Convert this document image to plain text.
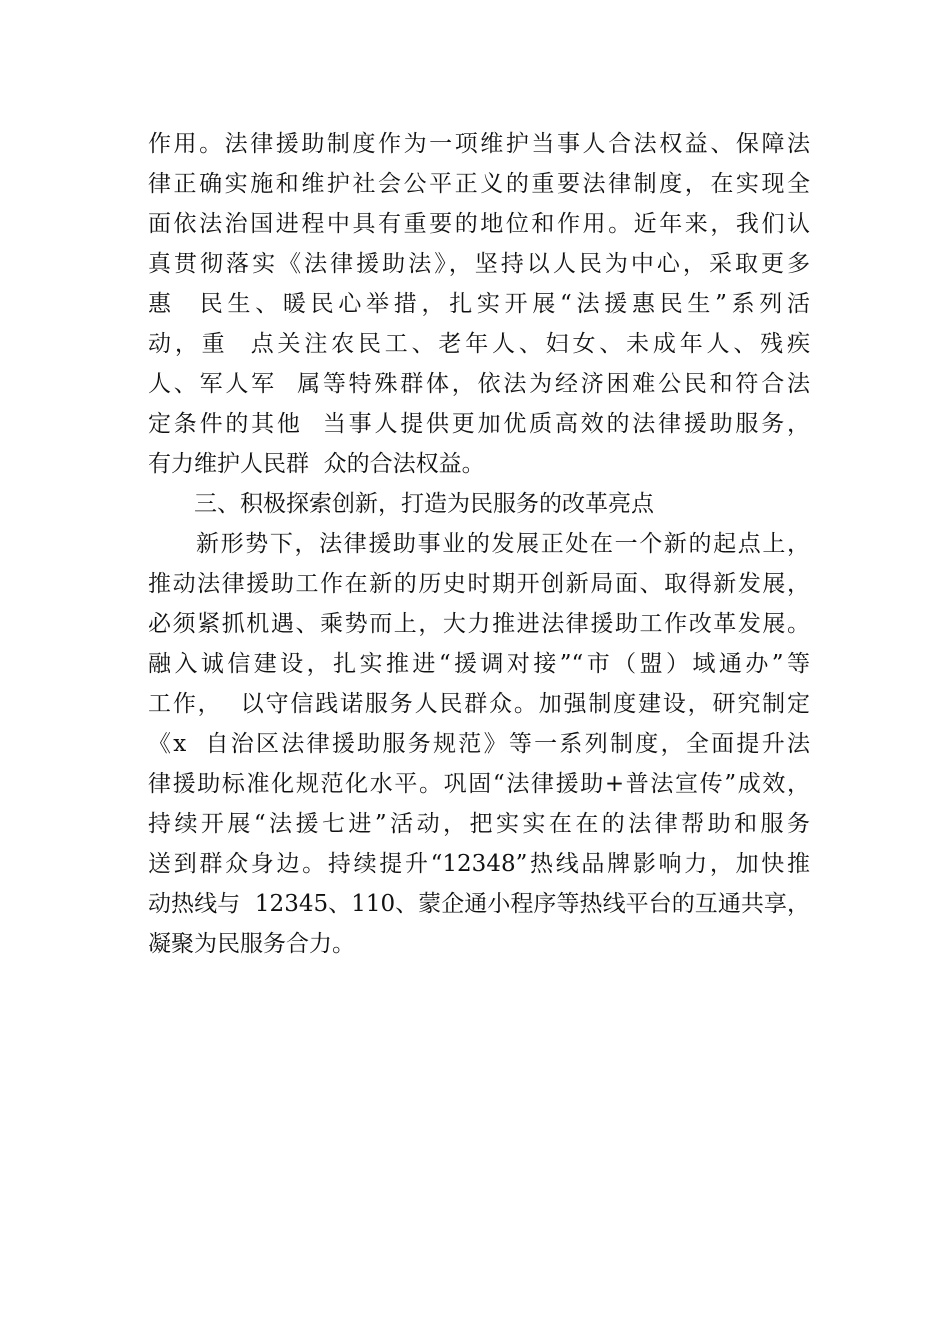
作用。法律援助制度作为一项维护当事人合法权益、保障法
律正确实施和维护社会公平正义的重要法律制度，在实现全
面依法治国进程中具有重要的地位和作用。近年来，我们认
真贯彻落实《法律援助法》，坚持以人民为中心，采取更多
惠  民生、暖民心举措，扎实开展“法援惠民生”系列活
动，重  点关注农民工、老年人、妇女、未成年人、残疾
人、军人军  属等特殊群体，依法为经济困难公民和符合法
定条件的其他  当事人提供更加优质高效的法律援助服务，
有力维护人民群  众的合法权益。
三、积极探索创新，打造为民服务的改革亮点
新形势下，法律援助事业的发展正处在一个新的起点上，
推动法律援助工作在新的历史时期开创新局面、取得新发展，
必须紧抓机遇、乘势而上，大力推进法律援助工作改革发展。
融入诚信建设，扎实推进“援调对接”“市（盟）域通办”等
工作，  以守信践诺服务人民群众。加强制度建设，研究制定
《x  自治区法律援助服务规范》等一系列制度，全面提升法
律援助标准化规范化水平。巩固“法律援助+普法宣传”成效，
持续开展“法援七进”活动，把实实在在的法律帮助和服务
送到群众身边。持续提升“12348”热线品牌影响力，加快推
动热线与  12345、110、蒙企通小程序等热线平台的互通共享，
凝聚为民服务合力。
